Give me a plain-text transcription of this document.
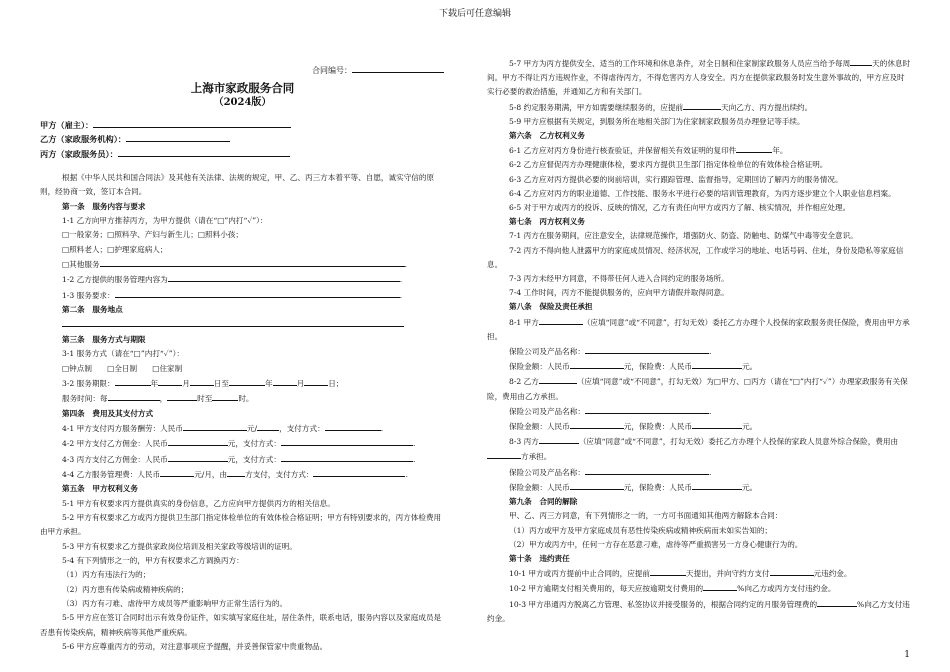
下载后可任意编辑
合同编号：
上海市家政服务合同
（2024版）
甲方（雇主）：
乙方（家政服务机构）：
丙方（家政服务员）：
根据《中华人民共和国合同法》及其他有关法律、法规的规定，甲、乙、丙三方本着平等、自愿，诚实守信的原则，经协商一致，签订本合同。
第一条　服务内容与要求
1-1 乙方向甲方推荐丙方，为甲方提供（请在“□”内打“✓”）：
□一般家务；□照料孕、产妇与新生儿；□照料小孩；
□照料老人；□护理家庭病人；
□其他服务	.
1-2 乙方提供的服务管理内容为	.
1-3 服务要求：	.
第二条　服务地点
第三条　服务方式与期限
3-1 服务方式（请在“□”内打“✓”）：
□钟点制　　□全日制　　□住家制
3-2 服务期限：	年	月	日至	年	月	日；
服务时间：每	，	时至	时。
第四条　费用及其支付方式
4-1 甲方支付丙方服务酬劳：人民币	元/	，支付方式：	.
4-2 甲方支付乙方佣金：人民币	元，支付方式：	.
4-3 丙方支付乙方佣金：人民币	元，支付方式：	.
4-4 乙方服务管理费：人民币	元/月，由 方支付，支付方式：	.
第五条　甲方权利义务
5-1 甲方有权要求丙方提供真实的身份信息，乙方应向甲方提供丙方的相关信息。
5-2 甲方有权要求乙方或丙方提供卫生部门指定体检单位的有效体检合格证明；甲方有特别要求的，丙方体检费用由甲方承担。
5-3 甲方有权要求乙方提供家政岗位培训及相关家政等级培训的证明。
5-4 有下列情形之一的，甲方有权要求乙方调换丙方：
（1）丙方有违法行为的；
（2）丙方患有传染病或精神疾病的；
（3）丙方有刁难、虐待甲方成员等严重影响甲方正常生活行为的。
5-5 甲方应在签订合同时出示有效身份证件，如实填写家庭住址，居住条件，联系电话，服务内容以及家庭成员是否患有传染疾病，精神疾病等其他严重疾病。
5-6 甲方应尊重丙方的劳动，对注意事项应予提醒，并妥善保管家中贵重物品。
5-7 甲方为丙方提供安全、适当的工作环境和休息条件，对全日制和住家制家政服务人员应当给予每周	天的休息时间。甲方不得让丙方违规作业，不得虐待丙方，不得危害丙方人身安全。丙方在提供家政服务时发生意外事故的，甲方应及时实行必要的救治措施，并通知乙方和有关部门。
5-8 约定服务期满，甲方如需要继续服务的，应提前	天向乙方、丙方提出续约。
5-9 甲方应根据有关规定，到服务所在地相关部门为住家制家政服务员办理登记等手续。
第六条　乙方权利义务
6-1 乙方应对丙方身份进行核查验证，并保留相关有效证明的复印件	年。
6-2 乙方应督促丙方办理健康体检，要求丙方提供卫生部门指定体检单位的有效体检合格证明。
6-3 乙方应对丙方提供必要的岗前培训，实行跟踪管理、监督指导，定期回访了解丙方的服务情况。
6-4 乙方应对丙方的职业道德、工作技能、服务水平进行必要的培训管理教育，为丙方逐步建立个人职业信息档案。
6-5 对于甲方或丙方的投诉、反映的情况，乙方有责任向甲方或丙方了解、核实情况，并作相应处理。
第七条　丙方权利义务
7-1 丙方在服务期间，应注意安全，法律规范操作，增强防火、防盗、防触电、防煤气中毒等安全意识。
7-2 丙方不得向他人泄露甲方的家庭成员情况、经济状况，工作或学习的地址、电话号码、住址，身份及隐私等家庭信息。
7-3 丙方未经甲方同意，不得带任何人进入合同约定的服务场所。
7-4 工作时间，丙方不能提供服务的，应向甲方请假并取得同意。
第八条　保险及责任承担
8-1 甲方	（应填“同意”或“不同意”，打勾无效）委托乙方办理个人投保的家政服务责任保险，费用由甲方承担。
保险公司及产品名称：	.
保险金额：人民币	元，保险费：人民币	元。
8-2 乙方	（应填“同意”或“不同意”，打勾无效）为□甲方、□丙方（请在“□”内打“✓”）办理家政服务有关保险，费用由乙方承担。
保险公司及产品名称：	.
保险金额：人民币	元，保险费：人民币	元。
8-3 丙方	（应填“同意”或“不同意”，打勾无效）委托乙方办理个人投保的家政人员意外综合保险，费用由方承担。
保险公司及产品名称：	.
保险金额：人民币	元，保险费：人民币	元。
第九条　合同的解除
甲、乙、丙三方同意，有下列情形之一的，一方可书面通知其他两方解除本合同：
（1）丙方或甲方及甲方家庭成员有恶性传染疾病或精神疾病而未如实告知的；
（2）甲方或丙方中，任何一方存在恶意刁难，虐待等严重损害另一方身心健康行为的。
第十条　违约责任
10-1 甲方或丙方提前中止合同的，应提前	天提出，并向守约方支付	元违约金。
10-2 甲方逾期支付相关费用的，每天应按逾期支付费用的	%向乙方或丙方支付违约金。
10-3 甲方串通丙方脱离乙方管理、私签协议并接受服务的，根据合同约定的月服务管理费的	%向乙方支付违约金。
1
